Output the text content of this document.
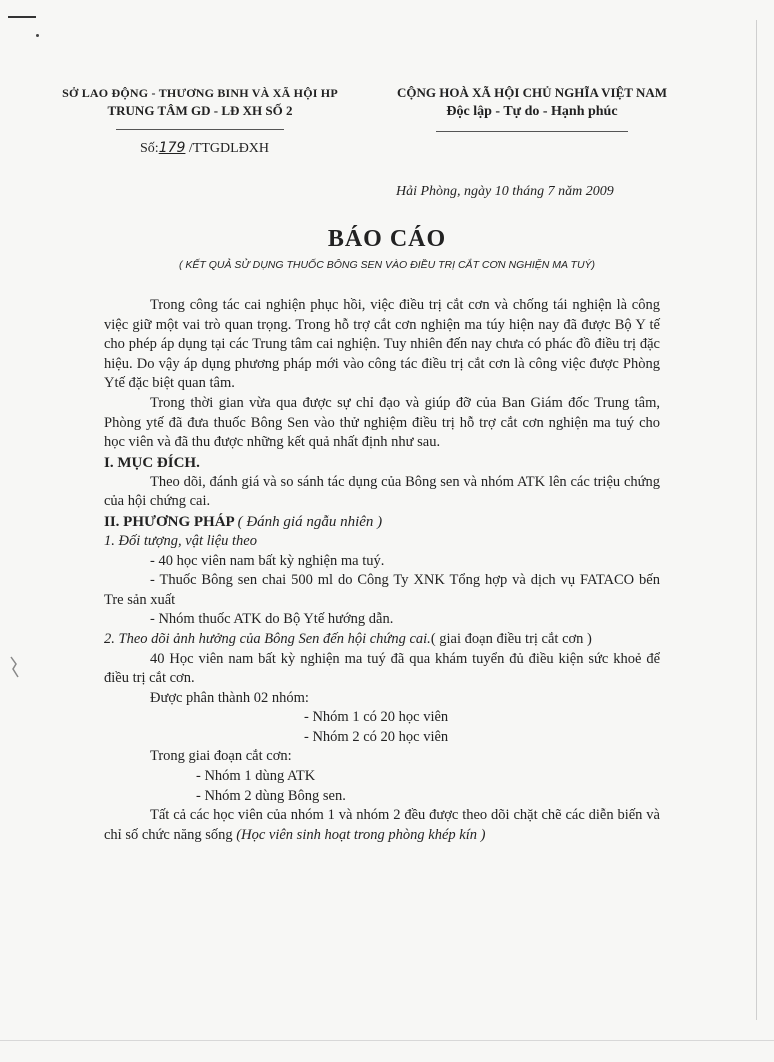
SỞ LAO ĐỘNG - THƯƠNG BINH VÀ XÃ HỘI HP
TRUNG TÂM GD - LĐ XH SỐ 2
CỘNG HOÀ XÃ HỘI CHỦ NGHĨA VIỆT NAM
Độc lập - Tự do - Hạnh phúc
Số:179 /TTGDLĐXH
Hải Phòng, ngày 10 tháng 7 năm 2009
BÁO CÁO
( KẾT QUẢ SỬ DỤNG THUỐC BÔNG SEN VÀO ĐIỀU TRỊ CẮT CƠN NGHIỆN MA TUÝ)

Trong công tác cai nghiện phục hồi, việc điều trị cắt cơn và chống tái nghiện là công việc giữ một vai trò quan trọng. Trong hỗ trợ cắt cơn nghiện ma túy hiện nay đã được Bộ Y tế cho phép áp dụng tại các Trung tâm cai nghiện. Tuy nhiên đến nay chưa có phác đồ điều trị đặc hiệu. Do vậy áp dụng phương pháp mới vào công tác điều trị cắt cơn là công việc được Phòng Ytế đặc biệt quan tâm.

Trong thời gian vừa qua được sự chỉ đạo và giúp đỡ của Ban Giám đốc Trung tâm, Phòng ytế đã đưa thuốc Bông Sen vào thử nghiệm điều trị hỗ trợ cắt cơn nghiện ma tuý cho học viên và đã thu được những kết quả nhất định như sau.

I. MỤC ĐÍCH.

Theo dõi, đánh giá và so sánh tác dụng của Bông sen và nhóm ATK lên các triệu chứng của hội chứng cai.

II. PHƯƠNG PHÁP ( Đánh giá ngẫu nhiên )

1. Đối tượng, vật liệu theo

- 40 học viên nam bất kỳ nghiện ma tuý.

- Thuốc Bông sen chai 500 ml do Công Ty XNK Tổng hợp và dịch vụ FATACO bến Tre sản xuất

- Nhóm thuốc ATK do Bộ Ytế hướng dẫn.

2. Theo dõi ảnh hưởng của Bông Sen đến hội chứng cai.( giai đoạn điều trị cắt cơn )

40 Học viên nam bất kỳ nghiện ma tuý đã qua khám tuyển đủ điều kiện sức khoẻ để điều trị cắt cơn.

Được phân thành 02 nhóm:

- Nhóm 1 có 20 học viên

- Nhóm 2 có 20 học viên

Trong giai đoạn cắt cơn:

- Nhóm 1 dùng ATK

- Nhóm 2 dùng Bông sen.

Tất cả các học viên của nhóm 1 và nhóm 2 đều được theo dõi chặt chẽ các diễn biến và chỉ số chức năng sống (Học viên sinh hoạt trong phòng khép kín )
